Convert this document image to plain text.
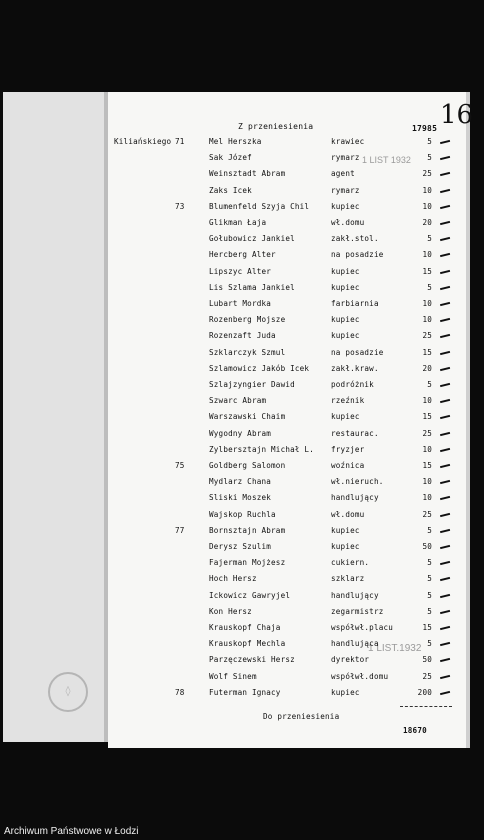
◊
Z przeniesienia	17985 16
1 LIST 1932
1 LIST.1932
Kiliańskiego 71	Mel Herszka	krawiec	5
Sak Józef	rymarz	5
Weinsztadt Abram	agent	25
Zaks Icek	rymarz	10
73	Blumenfeld Szyja Chil	kupiec	10
Glikman Łaja	wł.domu	20
Gołubowicz Jankiel	zakł.stol.	5
Hercberg Alter	na posadzie	10
Lipszyc Alter	kupiec	15
Lis Szlama Jankiel	kupiec	5
Lubart Mordka	farbiarnia	10
Rozenberg Mojsze	kupiec	10
Rozenzaft Juda	kupiec	25
Szklarczyk Szmul	na posadzie	15
Szlamowicz Jakób Icek	zakł.kraw.	20
Szlajzyngier Dawid	podróżnik	5
Szwarc Abram	rzeźnik	10
Warszawski Chaim	kupiec	15
Wygodny Abram	restaurac.	25
Zylbersztajn Michał L. fryzjer	10
75	Goldberg Salomon	woźnica	15
Mydlarz Chana	wł.nieruch.	10
Sliski Moszek	handlujący	10
Wajskop Ruchla	wł.domu	25
77	Bornsztajn Abram	kupiec	5
Derysz Szulim	kupiec	50
Fajerman Mojżesz	cukiern.	5
Hoch Hersz	szklarz	5
Ickowicz Gawryjel	handlujący	5
Kon Hersz	zegarmistrz	5
Krauskopf Chaja	współwł.placu	15
Krauskopf Mechla	handlująca	5
Parzęczewski Hersz	dyrektor	50
Wolf Sinem	współwł.domu	25
78	Futerman Ignacy	kupiec	200
Do przeniesienia
18670
Archiwum Państwowe w Łodzi
